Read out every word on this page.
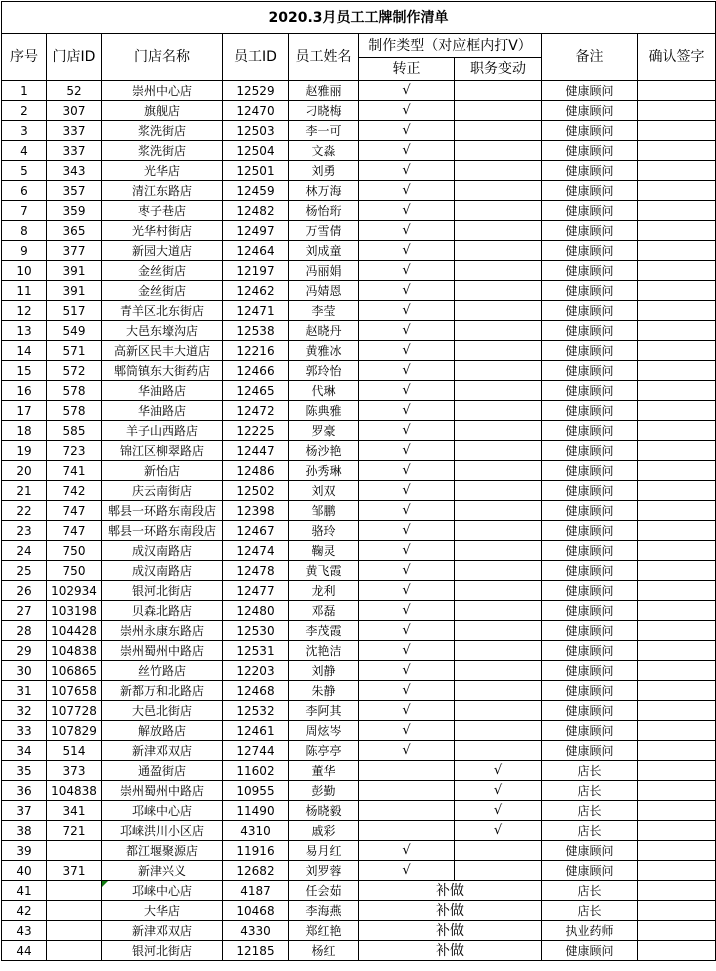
2020.3月员工工牌制作清单								
序号	门店ID	门店名称	员工ID	员工姓名	制作类型（对应框内打V）		备注	确认签字
					转正	职务变动		
1	52	崇州中心店	12529	赵雅丽	√		健康顾问	
2	307	旗舰店	12470	刁晓梅	√		健康顾问	
3	337	浆洗街店	12503	李一可	√		健康顾问	
4	337	浆洗街店	12504	文淼	√		健康顾问	
5	343	光华店	12501	刘勇	√		健康顾问	
6	357	清江东路店	12459	林万海	√		健康顾问	
7	359	枣子巷店	12482	杨怡珩	√		健康顾问	
8	365	光华村街店	12497	万雪倩	√		健康顾问	
9	377	新园大道店	12464	刘成童	√		健康顾问	
10	391	金丝街店	12197	冯丽娟	√		健康顾问	
11	391	金丝街店	12462	冯婧恩	√		健康顾问	
12	517	青羊区北东街店	12471	李莹	√		健康顾问	
13	549	大邑东壕沟店	12538	赵晓丹	√		健康顾问	
14	571	高新区民丰大道店	12216	黄雅冰	√		健康顾问	
15	572	郫筒镇东大街药店	12466	郭玲怡	√		健康顾问	
16	578	华油路店	12465	代琳	√		健康顾问	
17	578	华油路店	12472	陈典雅	√		健康顾问	
18	585	羊子山西路店	12225	罗豪	√		健康顾问	
19	723	锦江区柳翠路店	12447	杨沙艳	√		健康顾问	
20	741	新怡店	12486	孙秀琳	√		健康顾问	
21	742	庆云南街店	12502	刘双	√		健康顾问	
22	747	郫县一环路东南段店	12398	邹鹏	√		健康顾问	
23	747	郫县一环路东南段店	12467	骆玲	√		健康顾问	
24	750	成汉南路店	12474	鞠灵	√		健康顾问	
25	750	成汉南路店	12478	黄飞霞	√		健康顾问	
26	102934	银河北街店	12477	龙利	√		健康顾问	
27	103198	贝森北路店	12480	邓磊	√		健康顾问	
28	104428	崇州永康东路店	12530	李茂霞	√		健康顾问	
29	104838	崇州蜀州中路店	12531	沈艳洁	√		健康顾问	
30	106865	丝竹路店	12203	刘静	√		健康顾问	
31	107658	新都万和北路店	12468	朱静	√		健康顾问	
32	107728	大邑北街店	12532	李阿其	√		健康顾问	
33	107829	解放路店	12461	周炫岑	√		健康顾问	
34	514	新津邓双店	12744	陈亭亭	√		健康顾问	
35	373	通盈街店	11602	董华		√	店长	
36	104838	崇州蜀州中路店	10955	彭勤		√	店长	
37	341	邛崃中心店	11490	杨晓毅		√	店长	
38	721	邛崃洪川小区店	4310	戚彩		√	店长	
39		都江堰聚源店	11916	易月红	√		健康顾问	
40	371	新津兴义	12682	刘罗蓉	√		健康顾问	
41		邛崃中心店	4187	任会茹	补做		店长	
42		大华店	10468	李海燕	补做		店长	
43		新津邓双店	4330	郑红艳	补做		执业药师	
44		银河北街店	12185	杨红	补做		健康顾问	
